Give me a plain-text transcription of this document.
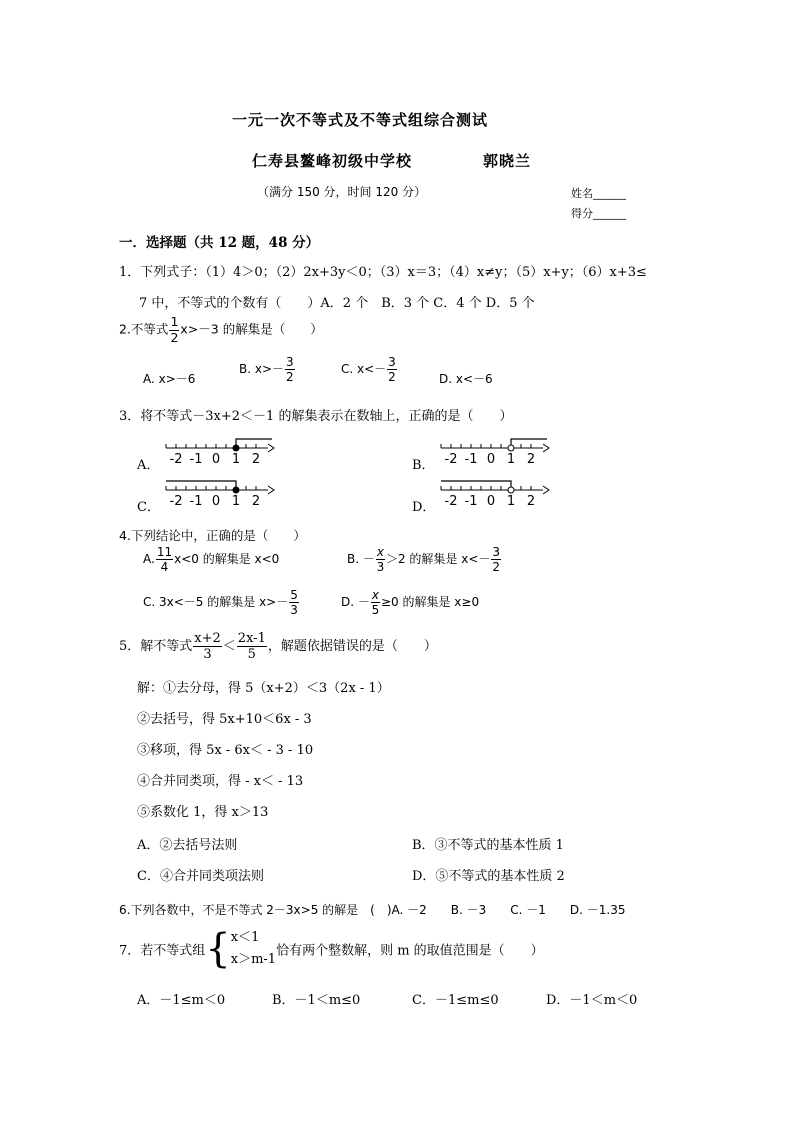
一元一次不等式及不等式组综合测试
仁寿县鳌峰初级中学校	郭晓兰
（满分 150 分，时间 120 分）	姓名______
得分______
一．选择题（共 12 题，48 分）
1．下列式子：（1）4＞0；（2）2x+3y＜0；（3）x＝3；（4）x≠y；（5）x+y；（6）x+3≤
7 中，不等式的个数有（　　）A．2 个　B．3 个 C．4 个 D．5 个
2.不等式 $\frac{1}{2} x>-3$ 的解集是（　　）
A. x>－6
B. $x>- \frac{3}{2}$	C. $x<- \frac{3}{2}$	D. x<－6
3．将不等式－3x+2＜－1 的解集表示在数轴上，正确的是（　　）
A．	B．
C．	D．
-2 -1 0 1 2	-2 -1 0 1 2
-2 -1 0 1 2	-2 -1 0 1 2
4.下列结论中，正确的是（　　）
A. $\frac{11}{4} x<0$ 的解集是 x<0	B. － $\frac{x}{3} >2$ 的解集是 $x<- \frac{3}{2}$
C. 3x<－5 的解集是 $x>- \frac{5}{3}$	D. － $\frac{x}{5} \ge 0$ 的解集是 x≥0
5．解不等式 $\frac{x+2}{3} < \frac{2x-1}{5}$ ，解题依据错误的是（　　）
解：①去分母，得 5（x+2）＜3（2x - 1）
②去括号，得 5x+10＜6x - 3
③移项，得 5x - 6x＜ - 3 - 10
④合并同类项，得 - x＜ - 13
⑤系数化 1，得 x＞13
A．②去括号法则	B．③不等式的基本性质 1
C．④合并同类项法则	D．⑤不等式的基本性质 2
6.下列各数中，不是不等式 2－3x>5 的解是　(　)A. －2　　B. －3　　C. －1　　D. －1.35
7．若不等式组{ x＜1
x＞m-1
恰有两个整数解，则 m 的取值范围是（　　）
A．－1≤m＜0	B．－1＜m≤0	C．－1≤m≤0	D．－1＜m＜0
